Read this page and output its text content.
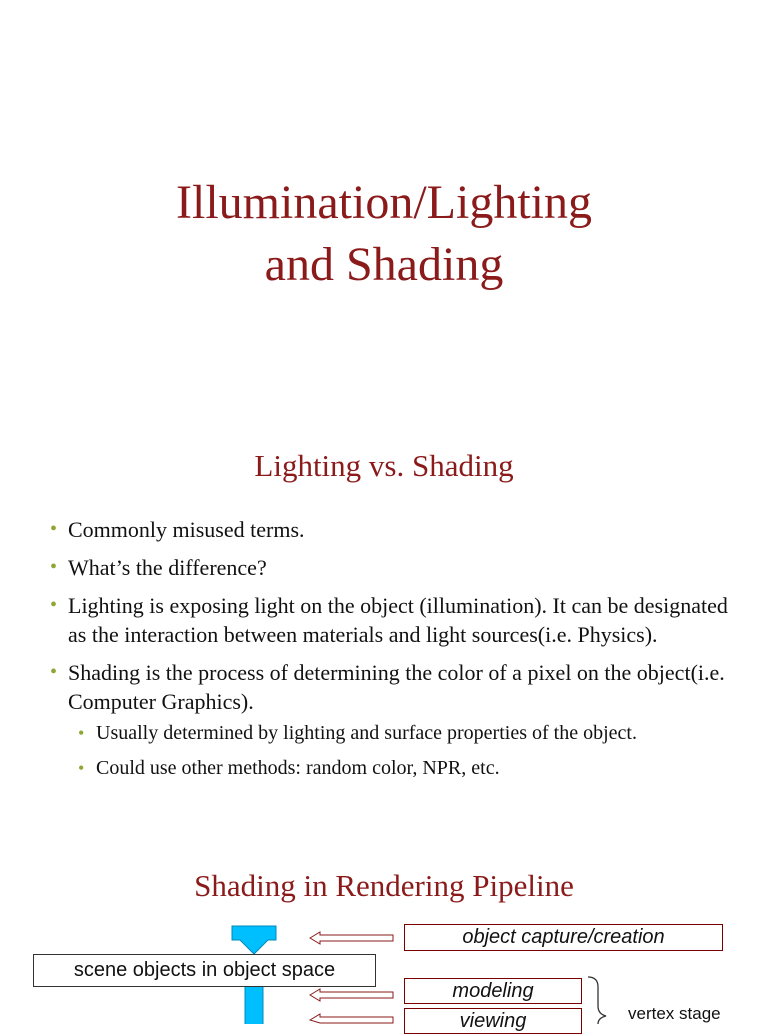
Illumination/Lighting
and Shading
Lighting vs. Shading
• Commonly misused terms.
• What’s the difference?
• Lighting is exposing light on the object (illumination). It can be designated as the interaction between materials and light sources(i.e. Physics).
• Shading is the process of determining the color of a pixel on the object(i.e. Computer Graphics).
• Usually determined by lighting and surface properties of the object.
• Could use other methods: random color, NPR, etc.
Shading in Rendering Pipeline
object capture/creation
scene objects in object space
modeling
viewing	vertex stage
